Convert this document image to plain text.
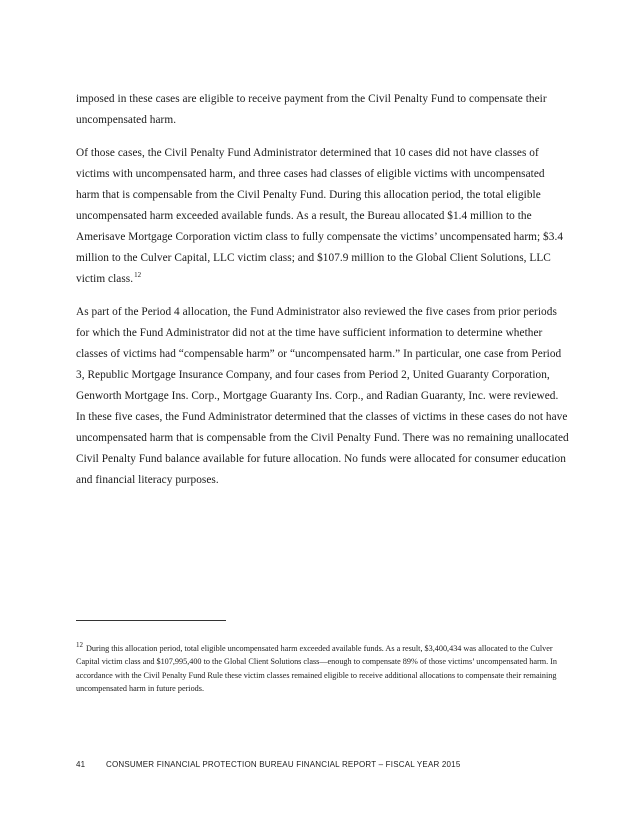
imposed in these cases are eligible to receive payment from the Civil Penalty Fund to compensate their uncompensated harm.

Of those cases, the Civil Penalty Fund Administrator determined that 10 cases did not have classes of victims with uncompensated harm, and three cases had classes of eligible victims with uncompensated harm that is compensable from the Civil Penalty Fund. During this allocation period, the total eligible uncompensated harm exceeded available funds. As a result, the Bureau allocated $1.4 million to the Amerisave Mortgage Corporation victim class to fully compensate the victims’ uncompensated harm; $3.4 million to the Culver Capital, LLC victim class; and $107.9 million to the Global Client Solutions, LLC victim class.$^{12}$

As part of the Period 4 allocation, the Fund Administrator also reviewed the five cases from prior periods for which the Fund Administrator did not at the time have sufficient information to determine whether classes of victims had “compensable harm” or “uncompensated harm.” In particular, one case from Period 3, Republic Mortgage Insurance Company, and four cases from Period 2, United Guaranty Corporation, Genworth Mortgage Ins. Corp., Mortgage Guaranty Ins. Corp., and Radian Guaranty, Inc. were reviewed. In these five cases, the Fund Administrator determined that the classes of victims in these cases do not have uncompensated harm that is compensable from the Civil Penalty Fund. There was no remaining unallocated Civil Penalty Fund balance available for future allocation. No funds were allocated for consumer education and financial literacy purposes.

12 During this allocation period, total eligible uncompensated harm exceeded available funds. As a result, $3,400,434 was allocated to the Culver Capital victim class and $107,995,400 to the Global Client Solutions class—enough to compensate 89% of those victims’ uncompensated harm. In accordance with the Civil Penalty Fund Rule these victim classes remained eligible to receive additional allocations to compensate their remaining uncompensated harm in future periods.

41	CONSUMER FINANCIAL PROTECTION BUREAU FINANCIAL REPORT – FISCAL YEAR 2015
